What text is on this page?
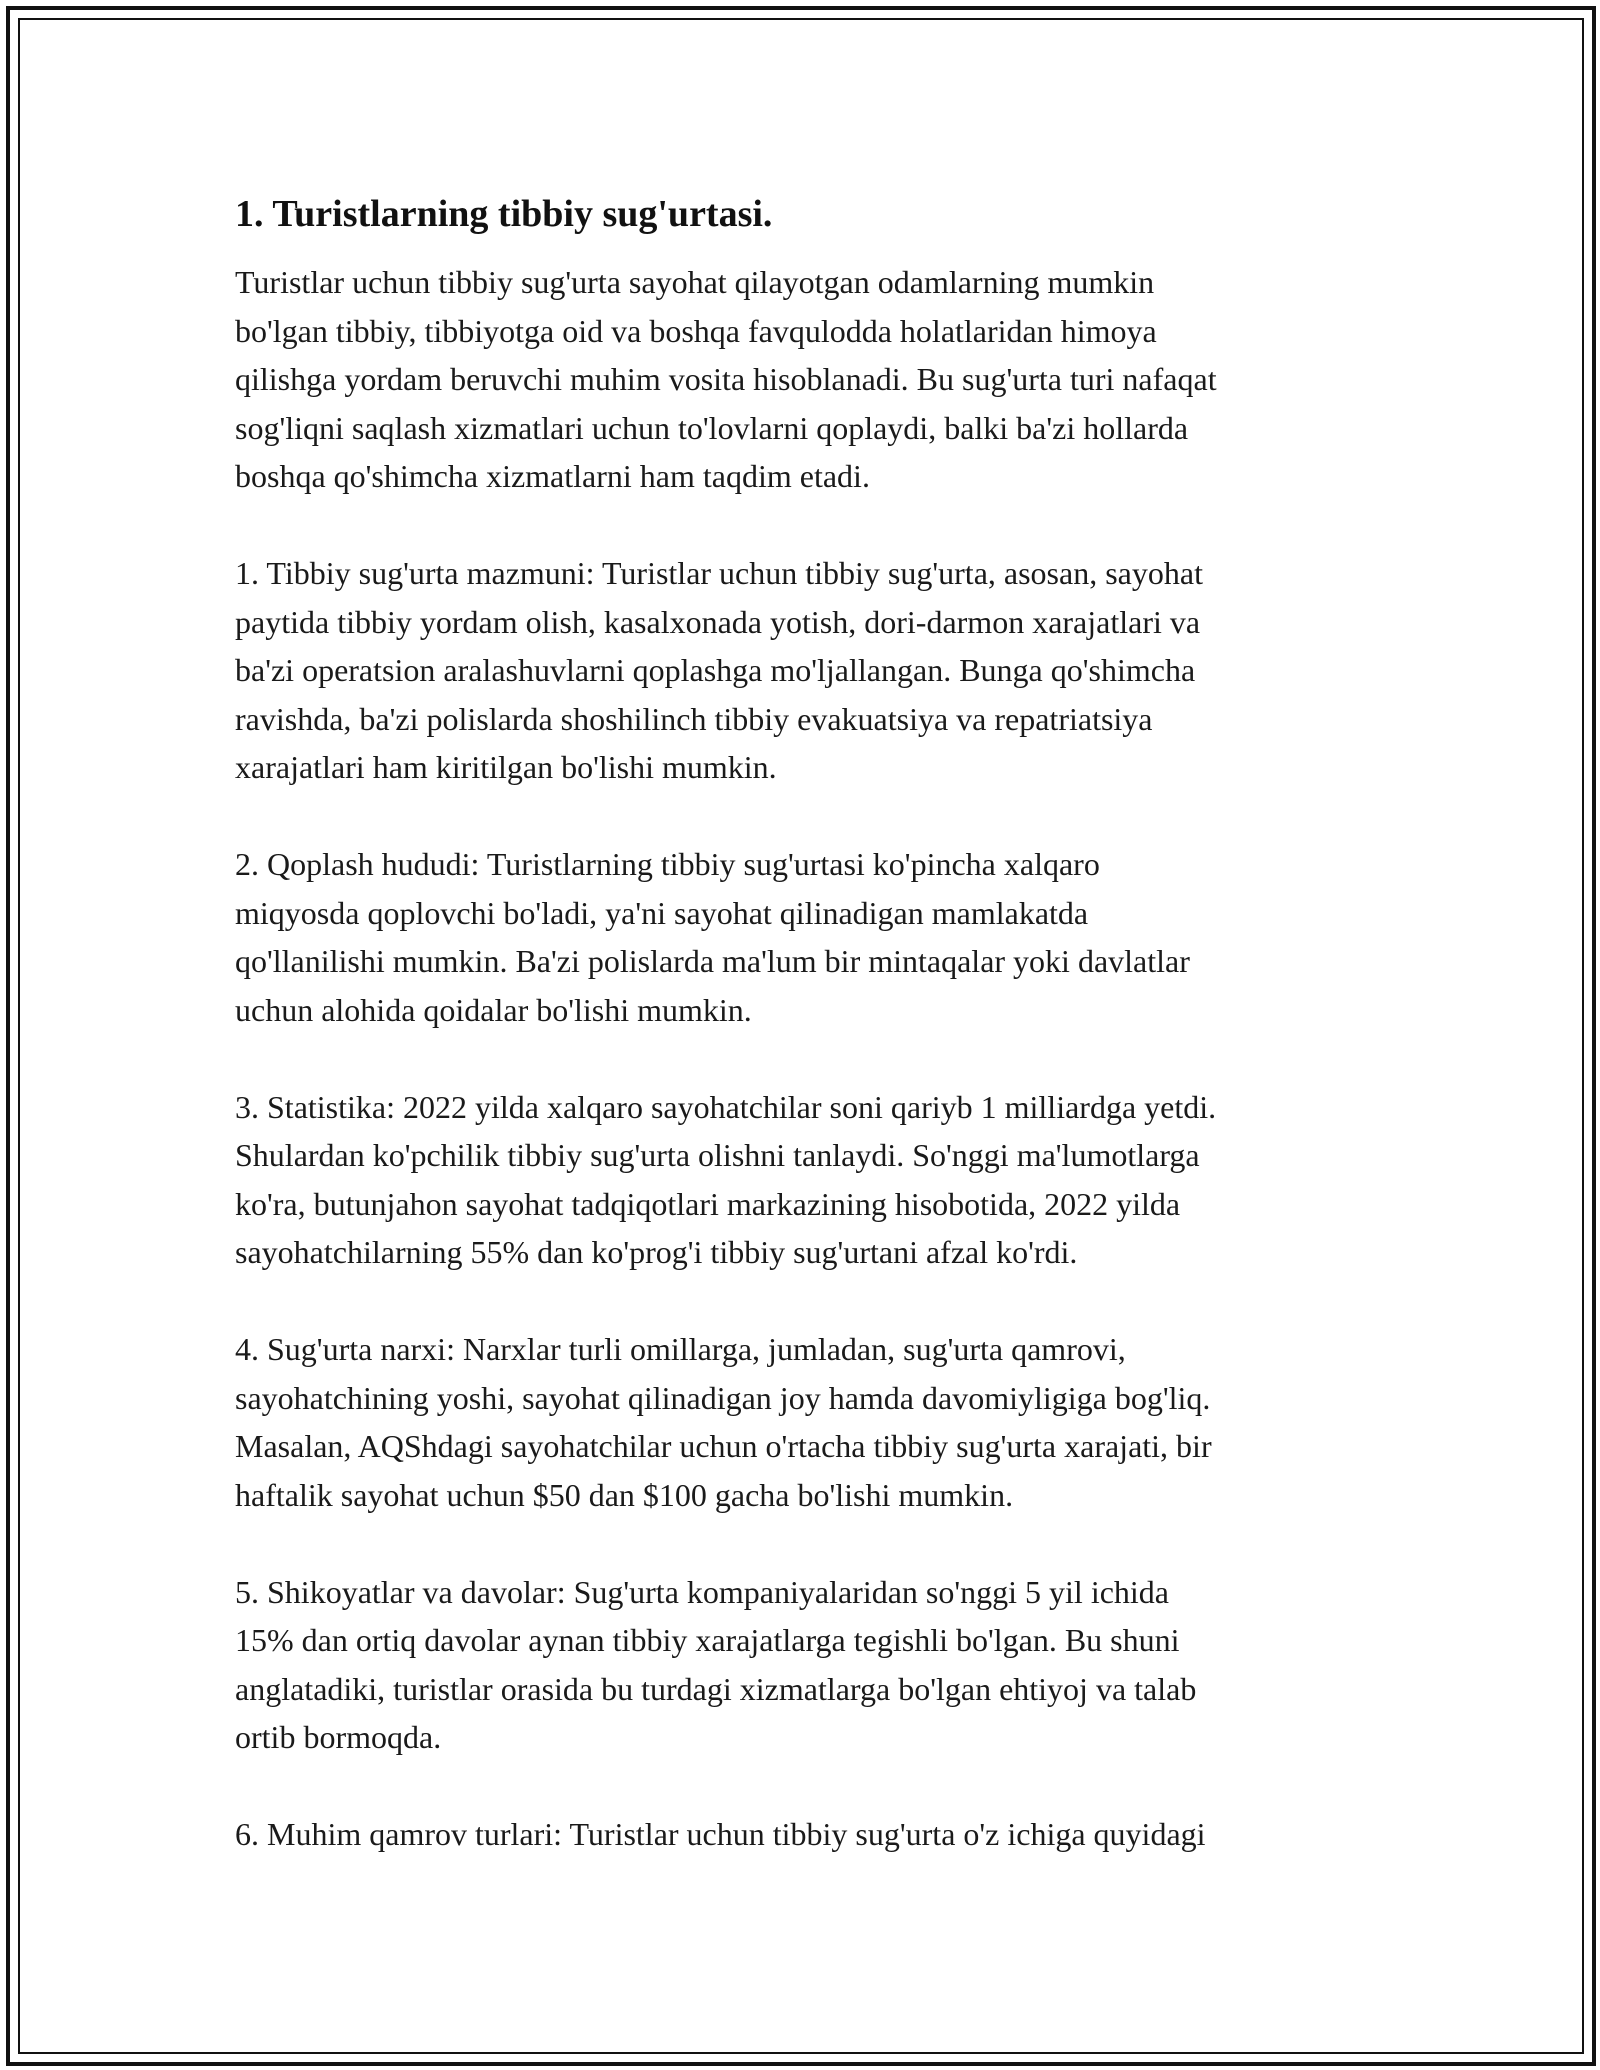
1. Turistlarning tibbiy sug'urtasi.
Turistlar uchun tibbiy sug'urta sayohat qilayotgan odamlarning mumkin
bo'lgan tibbiy, tibbiyotga oid va boshqa favqulodda holatlaridan himoya
qilishga yordam beruvchi muhim vosita hisoblanadi. Bu sug'urta turi nafaqat
sog'liqni saqlash xizmatlari uchun to'lovlarni qoplaydi, balki ba'zi hollarda
boshqa qo'shimcha xizmatlarni ham taqdim etadi.
1. Tibbiy sug'urta mazmuni: Turistlar uchun tibbiy sug'urta, asosan, sayohat
paytida tibbiy yordam olish, kasalxonada yotish, dori-darmon xarajatlari va
ba'zi operatsion aralashuvlarni qoplashga mo'ljallangan. Bunga qo'shimcha
ravishda, ba'zi polislarda shoshilinch tibbiy evakuatsiya va repatriatsiya
xarajatlari ham kiritilgan bo'lishi mumkin.
2. Qoplash hududi: Turistlarning tibbiy sug'urtasi ko'pincha xalqaro
miqyosda qoplovchi bo'ladi, ya'ni sayohat qilinadigan mamlakatda
qo'llanilishi mumkin. Ba'zi polislarda ma'lum bir mintaqalar yoki davlatlar
uchun alohida qoidalar bo'lishi mumkin.
3. Statistika: 2022 yilda xalqaro sayohatchilar soni qariyb 1 milliardga yetdi.
Shulardan ko'pchilik tibbiy sug'urta olishni tanlaydi. So'nggi ma'lumotlarga
ko'ra, butunjahon sayohat tadqiqotlari markazining hisobotida, 2022 yilda
sayohatchilarning 55% dan ko'prog'i tibbiy sug'urtani afzal ko'rdi.
4. Sug'urta narxi: Narxlar turli omillarga, jumladan, sug'urta qamrovi,
sayohatchining yoshi, sayohat qilinadigan joy hamda davomiyligiga bog'liq.
Masalan, AQShdagi sayohatchilar uchun o'rtacha tibbiy sug'urta xarajati, bir
haftalik sayohat uchun $50 dan $100 gacha bo'lishi mumkin.
5. Shikoyatlar va davolar: Sug'urta kompaniyalaridan so'nggi 5 yil ichida
15% dan ortiq davolar aynan tibbiy xarajatlarga tegishli bo'lgan. Bu shuni
anglatadiki, turistlar orasida bu turdagi xizmatlarga bo'lgan ehtiyoj va talab
ortib bormoqda.
6. Muhim qamrov turlari: Turistlar uchun tibbiy sug'urta o'z ichiga quyidagi
